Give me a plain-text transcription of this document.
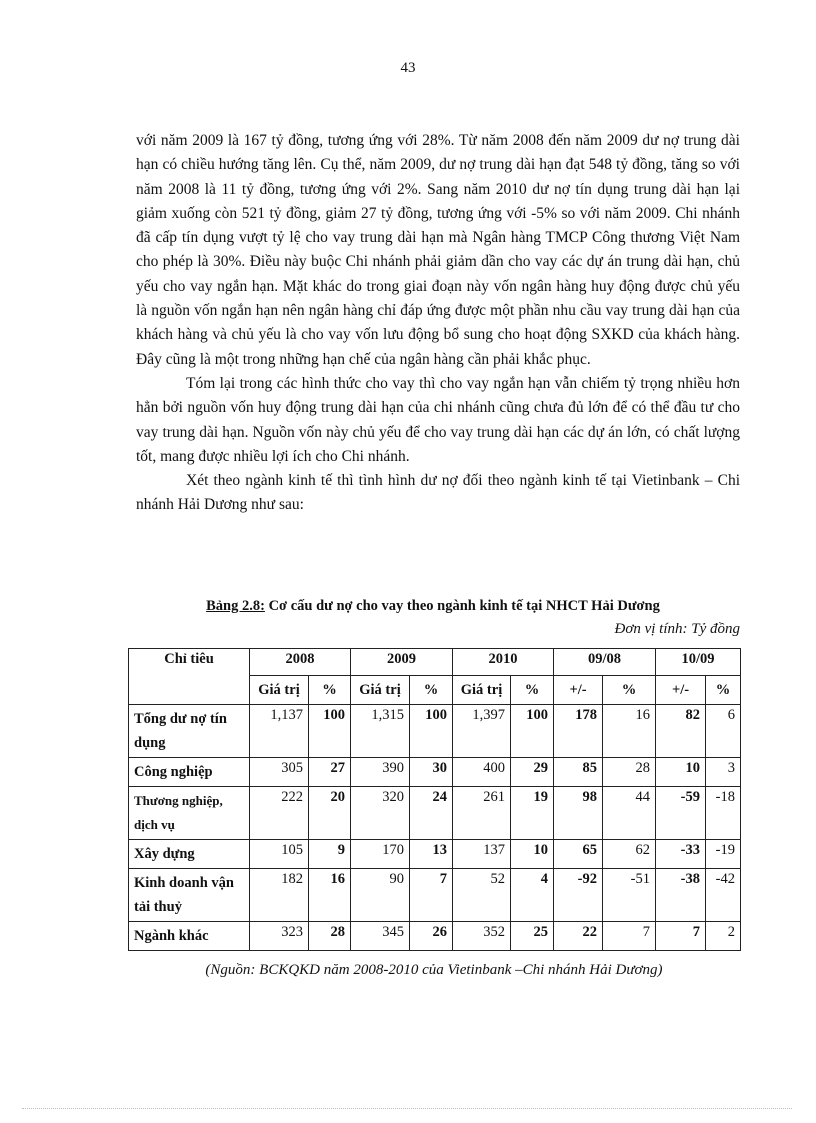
43

với năm 2009 là 167 tỷ đồng, tương ứng với 28%. Từ năm 2008 đến năm 2009 dư nợ trung dài hạn có chiều hướng tăng lên. Cụ thể, năm 2009, dư nợ trung dài hạn đạt 548 tỷ đồng, tăng so với năm 2008 là 11 tỷ đồng, tương ứng với 2%. Sang năm 2010 dư nợ tín dụng trung dài hạn lại giảm xuống còn 521 tỷ đồng, giảm 27 tỷ đồng, tương ứng với -5% so với năm 2009. Chi nhánh đã cấp tín dụng vượt tỷ lệ cho vay trung dài hạn mà Ngân hàng TMCP Công thương Việt Nam cho phép là 30%. Điều này buộc Chi nhánh phải giảm dần cho vay các dự án trung dài hạn, chủ yếu cho vay ngắn hạn. Mặt khác do trong giai đoạn này vốn ngân hàng huy động được chủ yếu là nguồn vốn ngắn hạn nên ngân hàng chỉ đáp ứng được một phần nhu cầu vay trung dài hạn của khách hàng và chủ yếu là cho vay vốn lưu động bổ sung cho hoạt động SXKD của khách hàng. Đây cũng là một trong những hạn chế của ngân hàng cần phải khắc phục.

Tóm lại trong các hình thức cho vay thì cho vay ngắn hạn vẫn chiếm tỷ trọng nhiều hơn hẳn bởi nguồn vốn huy động trung dài hạn của chi nhánh cũng chưa đủ lớn để có thể đầu tư cho vay trung dài hạn. Nguồn vốn này chủ yếu để cho vay trung dài hạn các dự án lớn, có chất lượng tốt, mang được nhiều lợi ích cho Chi nhánh.

Xét theo ngành kinh tế thì tình hình dư nợ đối theo ngành kinh tế tại Vietinbank – Chi nhánh Hải Dương như sau:

Bảng 2.8: Cơ cấu dư nợ cho vay theo ngành kinh tế tại NHCT Hải Dương
Đơn vị tính: Tỷ đồng
Chỉ tiêu	2008		2009		2010		09/08		10/09	
	Giá trị	%	Giá trị	%	Giá trị	%	+/-	%	+/-	%
Tổng dư nợ tín dụng	1,137	100	1,315	100	1,397	100	178	16	82	6
Công nghiệp	305	27	390	30	400	29	85	28	10	3
Thương nghiệp, dịch vụ	222	20	320	24	261	19	98	44	-59	-18
Xây dựng	105	9	170	13	137	10	65	62	-33	-19
Kinh doanh vận tải thuỷ	182	16	90	7	52	4	-92	-51	-38	-42
Ngành khác	323	28	345	26	352	25	22	7	7	2
(Nguồn: BCKQKD năm 2008-2010 của Vietinbank –Chi nhánh Hải Dương)
